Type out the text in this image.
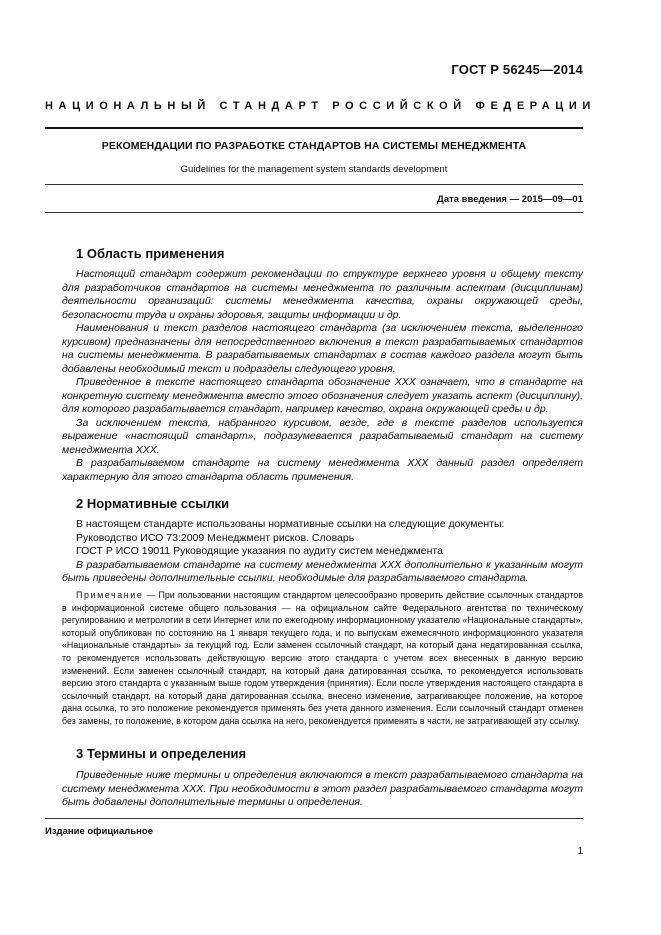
ГОСТ Р 56245—2014
НАЦИОНАЛЬНЫЙ СТАНДАРТ РОССИЙСКОЙ ФЕДЕРАЦИИ
РЕКОМЕНДАЦИИ ПО РАЗРАБОТКЕ СТАНДАРТОВ НА СИСТЕМЫ МЕНЕДЖМЕНТА
Guidelines for the management system standards development
Дата введения — 2015—09—01
1 Область применения

Настоящий стандарт содержит рекомендации по структуре верхнего уровня и общему тексту для разработчиков стандартов на системы менеджмента по различным аспектам (дисциплинам) деятельности организаций: системы менеджмента качества, охраны окружающей среды, безопасности труда и охраны здоровья, защиты информации и др.

Наименования и текст разделов настоящего стандарта (за исключением текста, выделенного курсивом) предназначены для непосредственного включения в текст разрабатываемых стандартов на системы менеджмента. В разрабатываемых стандартах в состав каждого раздела могут быть добавлены необходимый текст и подразделы следующего уровня.

Приведенное в тексте настоящего стандарта обозначение XXX означает, что в стандарте на конкретную систему менеджмента вместо этого обозначения следует указать аспект (дисциплину), для которого разрабатывается стандарт, например качество, охрана окружающей среды и др.

За исключением текста, набранного курсивом, везде, где в тексте разделов используется выражение «настоящий стандарт», подразумевается разрабатываемый стандарт на систему менеджмента XXX.

В разрабатываемом стандарте на систему менеджмента XXX данный раздел определяет характерную для этого стандарта область применения.

2 Нормативные ссылки

В настоящем стандарте использованы нормативные ссылки на следующие документы:

Руководство ИСО 73:2009 Менеджмент рисков. Словарь

ГОСТ Р ИСО 19011 Руководящие указания по аудиту систем менеджмента

В разрабатываемом стандарте на систему менеджмента XXX дополнительно к указанным могут быть приведены дополнительные ссылки, необходимые для разрабатываемого стандарта.

Примечание — При пользовании настоящим стандартом целесообразно проверить действие ссылочных стандартов в информационной системе общего пользования — на официальном сайте Федерального агентства по техническому регулированию и метрологии в сети Интернет или по ежегодному информационному указателю «Национальные стандарты», который опубликован по состоянию на 1 января текущего года, и по выпускам ежемесячного информационного указателя «Национальные стандарты» за текущий год. Если заменен ссылочный стандарт, на который дана недатированная ссылка, то рекомендуется использовать действующую версию этого стандарта с учетом всех внесенных в данную версию изменений. Если заменен ссылочный стандарт, на который дана датированная ссылка, то рекомендуется использовать версию этого стандарта с указанным выше годом утверждения (принятия). Если после утверждения настоящего стандарта в ссылочный стандарт, на который дана датированная ссылка, внесено изменение, затрагивающее положение, на которое дана ссылка, то это положение рекомендуется применять без учета данного изменения. Если ссылочный стандарт отменен без замены, то положение, в котором дана ссылка на него, рекомендуется применять в части, не затрагивающей эту ссылку.

3 Термины и определения

Приведенные ниже термины и определения включаются в текст разрабатываемого стандарта на систему менеджмента XXX. При необходимости в этот раздел разрабатываемого стандарта могут быть добавлены дополнительные термины и определения.

Издание официальное
1
